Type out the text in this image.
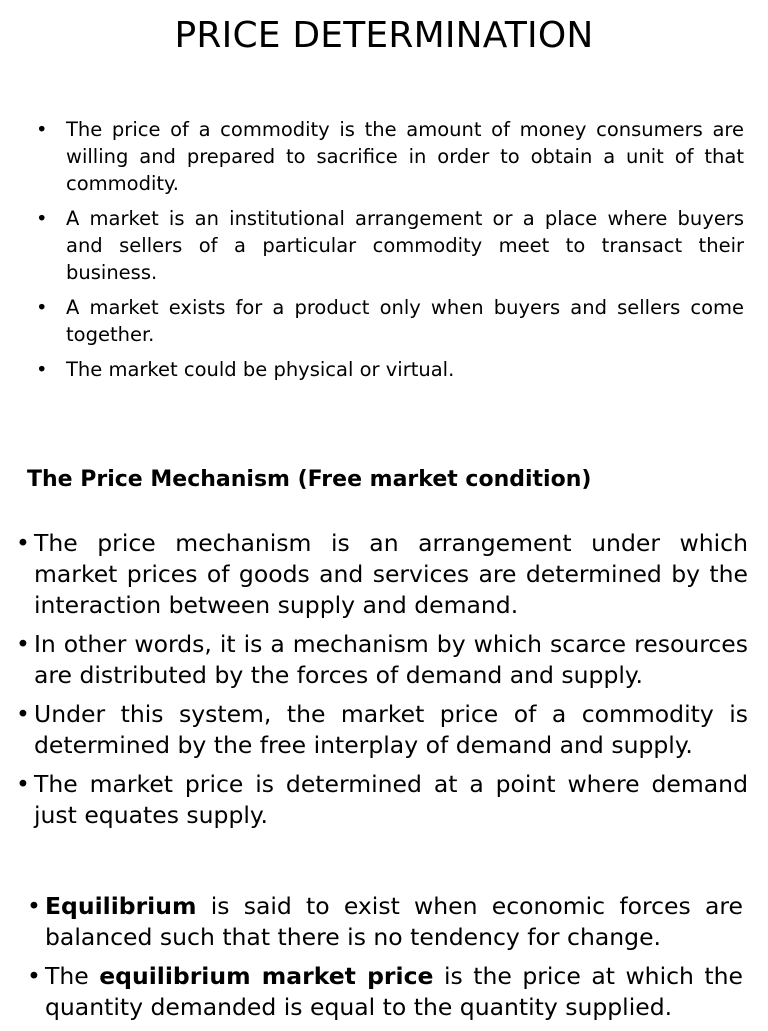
PRICE DETERMINATION
• The price of a commodity is the amount of money consumers are willing and prepared to sacrifice in order to obtain a unit of that commodity.
• A market is an institutional arrangement or a place where buyers and sellers of a particular commodity meet to transact their business.
• A market exists for a product only when buyers and sellers come together.
• The market could be physical or virtual.
The Price Mechanism (Free market condition)
• The price mechanism is an arrangement under which market prices of goods and services are determined by the interaction between supply and demand.
• In other words, it is a mechanism by which scarce resources are distributed by the forces of demand and supply.
• Under this system, the market price of a commodity is determined by the free interplay of demand and supply.
• The market price is determined at a point where demand just equates supply.
• Equilibrium is said to exist when economic forces are balanced such that there is no tendency for change.
• The equilibrium market price is the price at which the quantity demanded is equal to the quantity supplied.
